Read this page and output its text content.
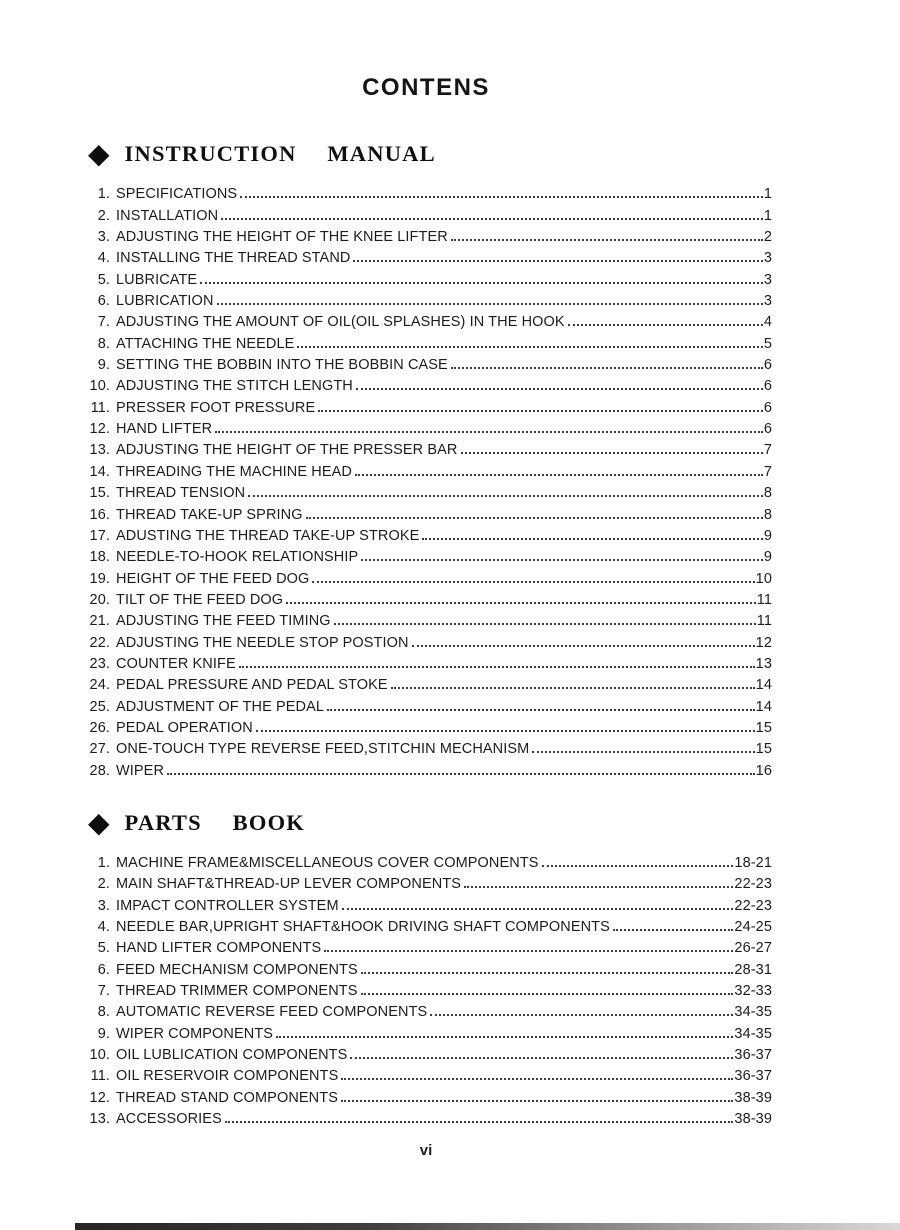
CONTENS
◆ INSTRUCTION MANUAL
1. SPECIFICATIONS	1
2. INSTALLATION	1
3. ADJUSTING THE HEIGHT OF THE KNEE LIFTER	2
4. INSTALLING THE THREAD STAND	3
5. LUBRICATE	3
6. LUBRICATION	3
7. ADJUSTING THE AMOUNT OF OIL(OIL SPLASHES) IN THE HOOK	4
8. ATTACHING THE NEEDLE	5
9. SETTING THE BOBBIN INTO THE BOBBIN CASE	6
10. ADJUSTING THE STITCH LENGTH	6
11. PRESSER FOOT PRESSURE	6
12. HAND LIFTER	6
13. ADJUSTING THE HEIGHT OF THE PRESSER BAR	7
14. THREADING THE MACHINE HEAD	7
15. THREAD TENSION	8
16. THREAD TAKE-UP SPRING	8
17. ADUSTING THE THREAD TAKE-UP STROKE	9
18. NEEDLE-TO-HOOK RELATIONSHIP	9
19. HEIGHT OF THE FEED DOG	10
20. TILT OF THE FEED DOG	11
21. ADJUSTING THE FEED TIMING	11
22. ADJUSTING THE NEEDLE STOP POSTION	12
23. COUNTER KNIFE	13
24. PEDAL PRESSURE AND PEDAL STOKE	14
25. ADJUSTMENT OF THE PEDAL	14
26. PEDAL OPERATION	15
27. ONE-TOUCH TYPE REVERSE FEED,STITCHIN MECHANISM	15
28. WIPER	16
◆ PARTS BOOK
1. MACHINE FRAME&MISCELLANEOUS COVER COMPONENTS	18-21
2. MAIN SHAFT&THREAD-UP LEVER COMPONENTS	22-23
3. IMPACT CONTROLLER SYSTEM	22-23
4. NEEDLE BAR,UPRIGHT SHAFT&HOOK DRIVING SHAFT COMPONENTS	24-25
5. HAND LIFTER COMPONENTS	26-27
6. FEED MECHANISM COMPONENTS	28-31
7. THREAD TRIMMER COMPONENTS	32-33
8. AUTOMATIC REVERSE FEED COMPONENTS	34-35
9. WIPER COMPONENTS	34-35
10. OIL LUBLICATION COMPONENTS	36-37
11. OIL RESERVOIR COMPONENTS	36-37
12. THREAD STAND COMPONENTS	38-39
13. ACCESSORIES	38-39
vi
